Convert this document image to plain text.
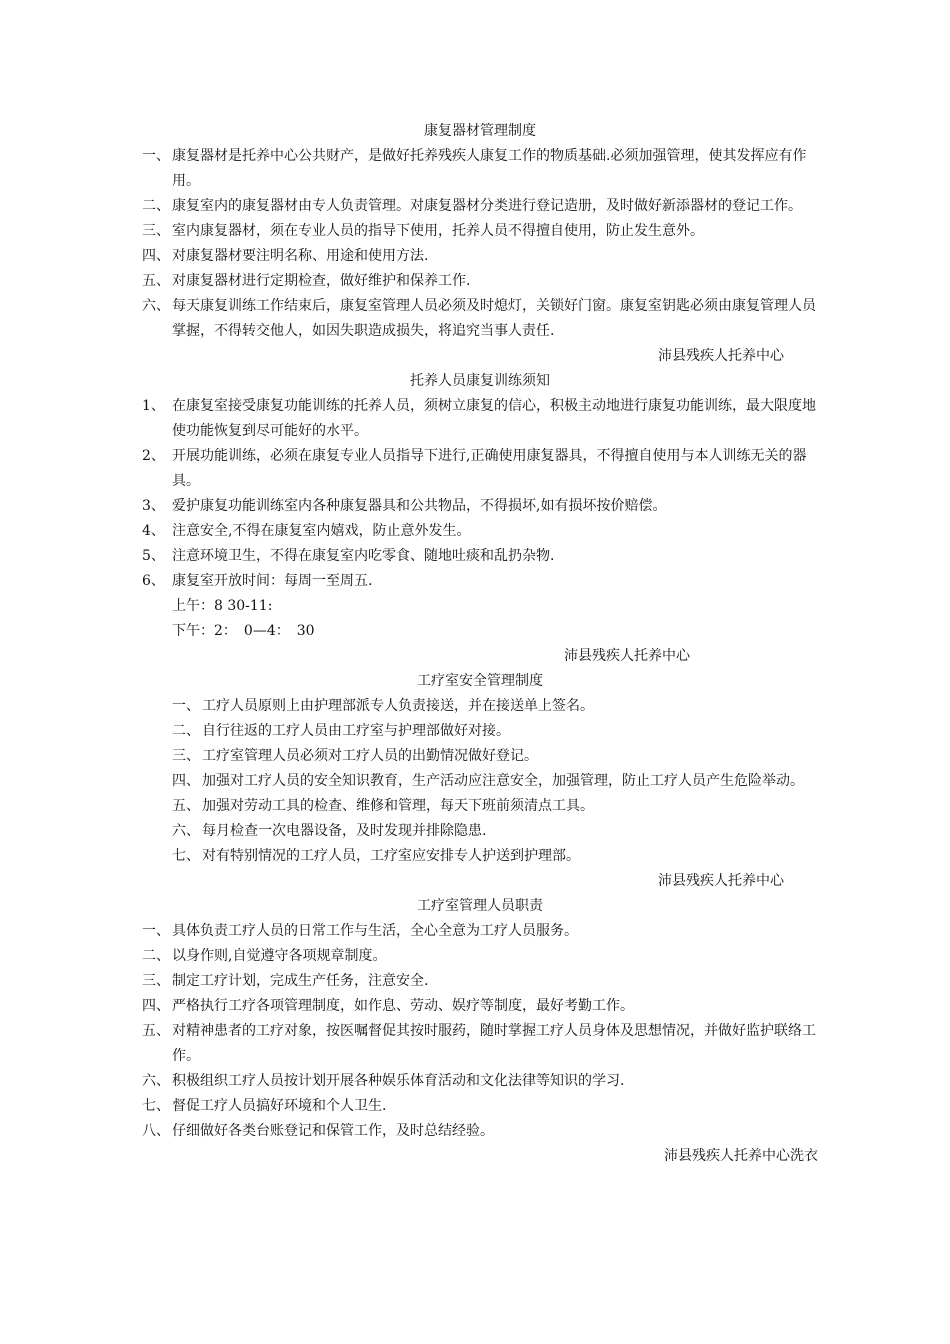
康复器材管理制度
一、 康复器材是托养中心公共财产，是做好托养残疾人康复工作的物质基础.必须加强管理，使其发挥应有作用。
二、 康复室内的康复器材由专人负责管理。对康复器材分类进行登记造册，及时做好新添器材的登记工作。
三、 室内康复器材，须在专业人员的指导下使用，托养人员不得擅自使用，防止发生意外。
四、 对康复器材要注明名称、用途和使用方法.
五、 对康复器材进行定期检查，做好维护和保养工作.
六、 每天康复训练工作结束后，康复室管理人员必须及时熄灯，关锁好门窗。康复室钥匙必须由康复管理人员掌握，不得转交他人，如因失职造成损失，将追究当事人责任.
沛县残疾人托养中心
托养人员康复训练须知
1、 在康复室接受康复功能训练的托养人员，须树立康复的信心，积极主动地进行康复功能训练，最大限度地使功能恢复到尽可能好的水平。
2、 开展功能训练，必须在康复专业人员指导下进行,正确使用康复器具，不得擅自使用与本人训练无关的器具。
3、 爱护康复功能训练室内各种康复器具和公共物品，不得损坏,如有损坏按价赔偿。
4、 注意安全,不得在康复室内嬉戏，防止意外发生。
5、 注意环境卫生，不得在康复室内吃零食、随地吐痰和乱扔杂物.
6、 康复室开放时间：每周一至周五.
上午：8 30-11:
下午：2：　0—4：　30
沛县残疾人托养中心
工疗室安全管理制度
一、 工疗人员原则上由护理部派专人负责接送，并在接送单上签名。
二、 自行往返的工疗人员由工疗室与护理部做好对接。
三、 工疗室管理人员必须对工疗人员的出勤情况做好登记。
四、 加强对工疗人员的安全知识教育，生产活动应注意安全，加强管理，防止工疗人员产生危险举动。
五、 加强对劳动工具的检查、维修和管理，每天下班前须清点工具。
六、 每月检查一次电器设备，及时发现并排除隐患.
七、 对有特别情况的工疗人员，工疗室应安排专人护送到护理部。
沛县残疾人托养中心
工疗室管理人员职责
一、 具体负责工疗人员的日常工作与生活，全心全意为工疗人员服务。
二、 以身作则,自觉遵守各项规章制度。
三、 制定工疗计划，完成生产任务，注意安全.
四、 严格执行工疗各项管理制度，如作息、劳动、娱疗等制度，最好考勤工作。
五、 对精神患者的工疗对象，按医嘱督促其按时服药，随时掌握工疗人员身体及思想情况，并做好监护联络工作。
六、 积极组织工疗人员按计划开展各种娱乐体育活动和文化法律等知识的学习.
七、 督促工疗人员搞好环境和个人卫生.
八、 仔细做好各类台账登记和保管工作，及时总结经验。
沛县残疾人托养中心洗衣
